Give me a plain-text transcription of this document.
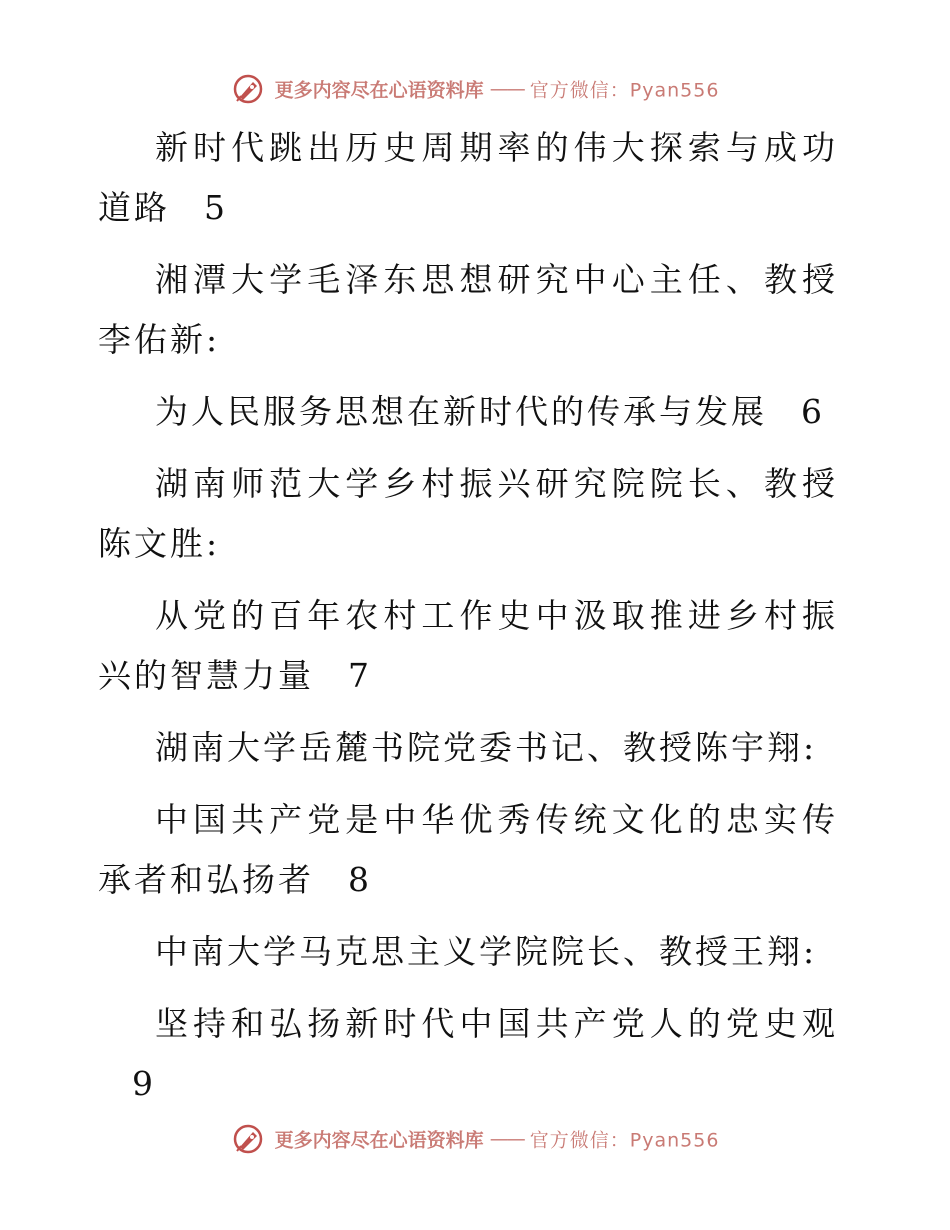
更多内容尽在心语资料库 —— 官方微信：Pyan556

新时代跳出历史周期率的伟大探索与成功道路 5

湘潭大学毛泽东思想研究中心主任、教授李佑新:

为人民服务思想在新时代的传承与发展 6

湖南师范大学乡村振兴研究院院长、教授陈文胜:

从党的百年农村工作史中汲取推进乡村振兴的智慧力量 7

湖南大学岳麓书院党委书记、教授陈宇翔:

中国共产党是中华优秀传统文化的忠实传承者和弘扬者 8

中南大学马克思主义学院院长、教授王翔:

坚持和弘扬新时代中国共产党人的党史观9

更多内容尽在心语资料库 —— 官方微信：Pyan556
